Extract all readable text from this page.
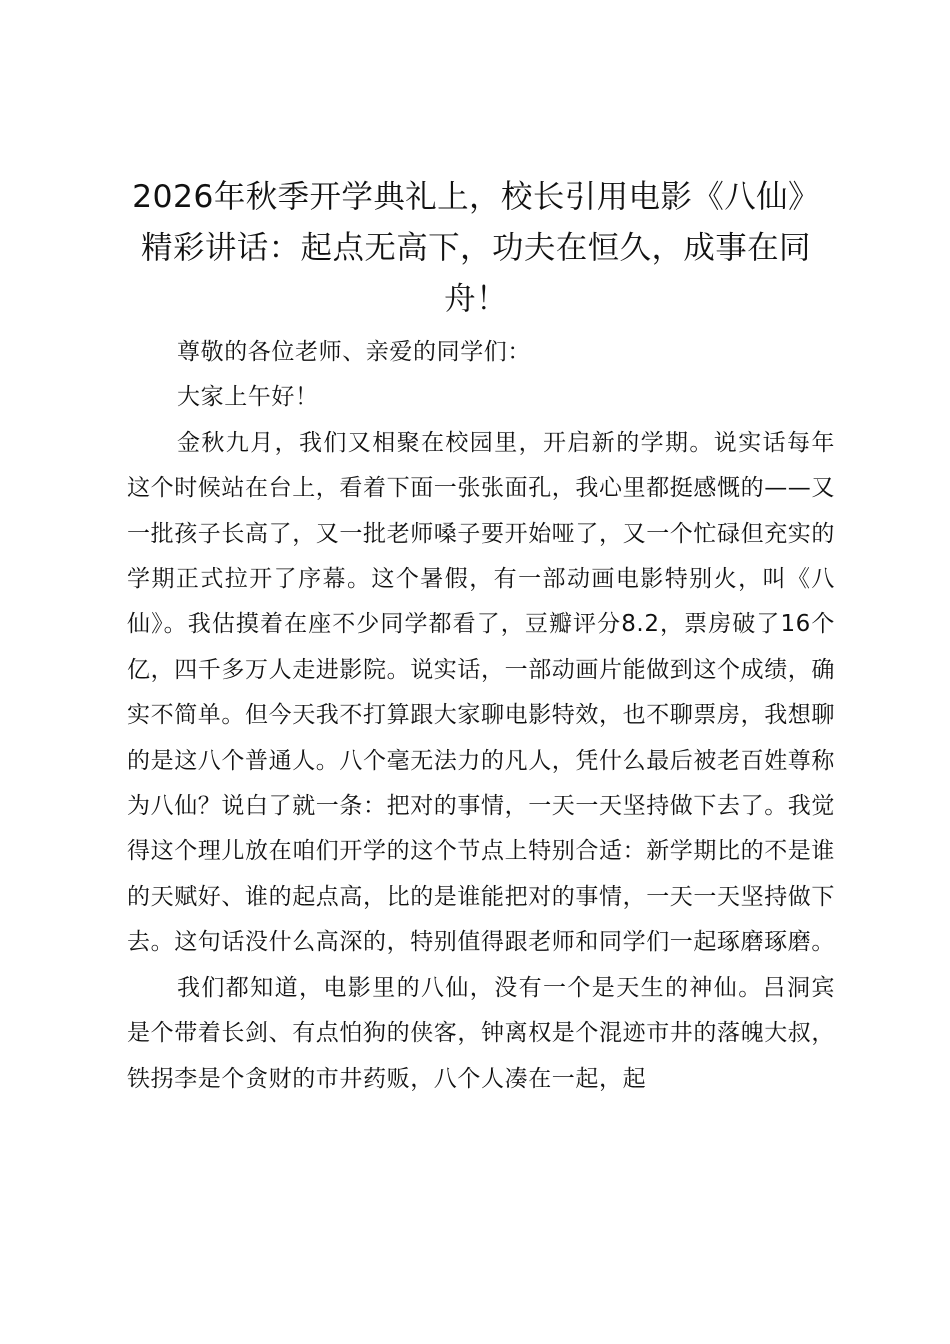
2026年秋季开学典礼上，校长引用电影《八仙》精彩讲话：起点无高下，功夫在恒久，成事在同舟！

尊敬的各位老师、亲爱的同学们：

大家上午好！

金秋九月，我们又相聚在校园里，开启新的学期。说实话每年这个时候站在台上，看着下面一张张面孔，我心里都挺感慨的——又一批孩子长高了，又一批老师嗓子要开始哑了，又一个忙碌但充实的学期正式拉开了序幕。这个暑假，有一部动画电影特别火，叫《八仙》。我估摸着在座不少同学都看了，豆瓣评分8.2，票房破了16个亿，四千多万人走进影院。说实话，一部动画片能做到这个成绩，确实不简单。但今天我不打算跟大家聊电影特效，也不聊票房，我想聊的是这八个普通人。八个毫无法力的凡人，凭什么最后被老百姓尊称为八仙？说白了就一条：把对的事情，一天一天坚持做下去了。我觉得这个理儿放在咱们开学的这个节点上特别合适：新学期比的不是谁的天赋好、谁的起点高，比的是谁能把对的事情，一天一天坚持做下去。这句话没什么高深的，特别值得跟老师和同学们一起琢磨琢磨。

我们都知道，电影里的八仙，没有一个是天生的神仙。吕洞宾是个带着长剑、有点怕狗的侠客，钟离权是个混迹市井的落魄大叔，铁拐李是个贪财的市井药贩，八个人凑在一起，起
